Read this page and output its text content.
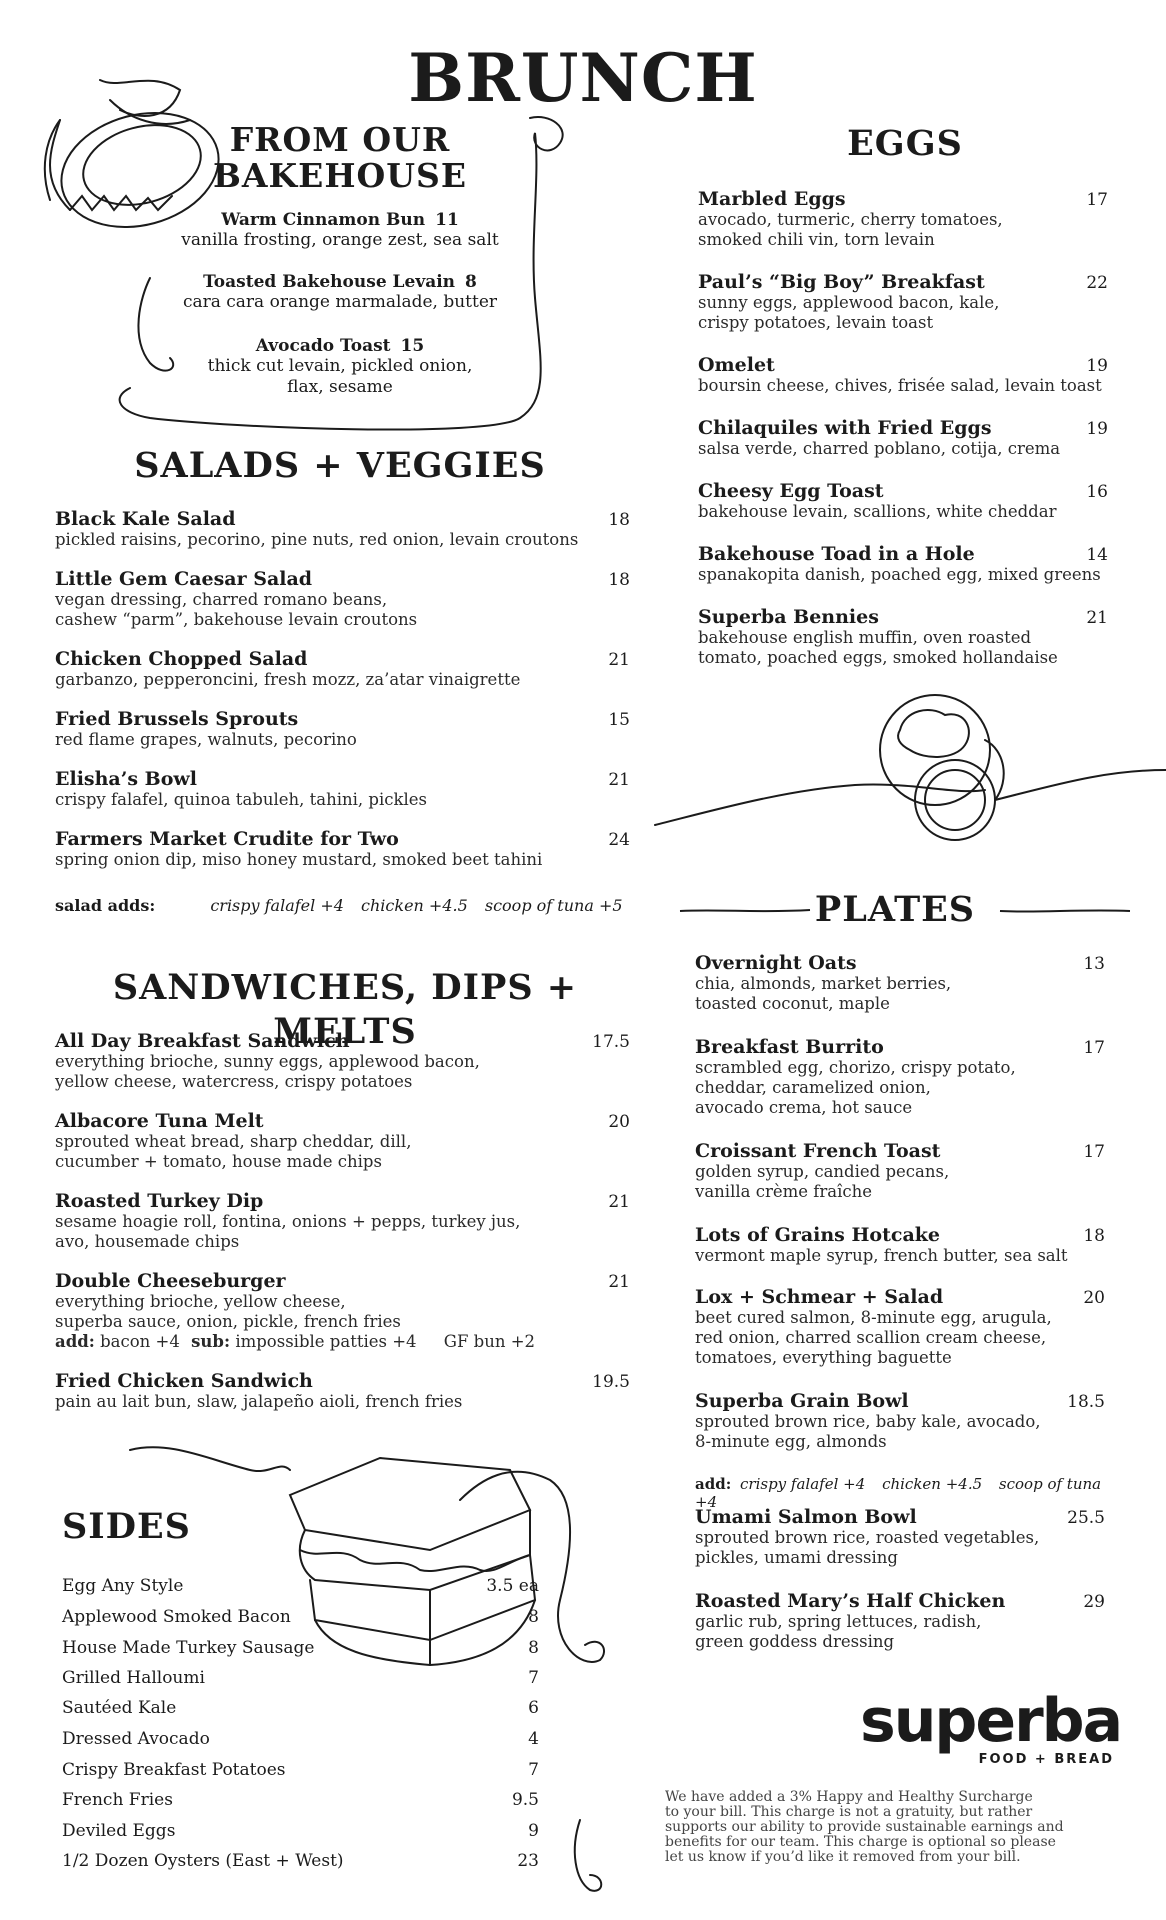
BRUNCH
FROM OUR
BAKEHOUSE
Warm Cinnamon Bun 11
vanilla frosting, orange zest, sea salt
Toasted Bakehouse Levain 8
cara cara orange marmalade, butter
Avocado Toast 15
thick cut levain, pickled onion,
flax, sesame
SALADS + VEGGIES
Black Kale Salad	18
pickled raisins, pecorino, pine nuts, red onion, levain croutons
Little Gem Caesar Salad	18
vegan dressing, charred romano beans,
cashew “parm”, bakehouse levain croutons
Chicken Chopped Salad	21
garbanzo, pepperoncini, fresh mozz, za’atar vinaigrette
Fried Brussels Sprouts	15
red flame grapes, walnuts, pecorino
Elisha’s Bowl	21
crispy falafel, quinoa tabuleh, tahini, pickles
Farmers Market Crudite for Two	24
spring onion dip, miso honey mustard, smoked beet tahini
salad adds:	crispy falafel +4 chicken +4.5 scoop of tuna +5
SANDWICHES, DIPS + MELTS
All Day Breakfast Sandwich	17.5
everything brioche, sunny eggs, applewood bacon,
yellow cheese, watercress, crispy potatoes
Albacore Tuna Melt	20
sprouted wheat bread, sharp cheddar, dill,
cucumber + tomato, house made chips
Roasted Turkey Dip	21
sesame hoagie roll, fontina, onions + pepps, turkey jus,
avo, housemade chips
Double Cheeseburger	21
everything brioche, yellow cheese,
superba sauce, onion, pickle, french fries
add: bacon +4 sub: impossible patties +4 GF bun +2
Fried Chicken Sandwich	19.5
pain au lait bun, slaw, jalapeño aioli, french fries
SIDES
Egg Any Style	3.5 ea
Applewood Smoked Bacon	8
House Made Turkey Sausage	8
Grilled Halloumi	7
Sautéed Kale	6
Dressed Avocado	4
Crispy Breakfast Potatoes	7
French Fries	9.5
Deviled Eggs	9
1/2 Dozen Oysters (East + West)	23
EGGS
Marbled Eggs	17
avocado, turmeric, cherry tomatoes,
smoked chili vin, torn levain
Paul’s “Big Boy” Breakfast	22
sunny eggs, applewood bacon, kale,
crispy potatoes, levain toast
Omelet	19
boursin cheese, chives, frisée salad, levain toast
Chilaquiles with Fried Eggs	19
salsa verde, charred poblano, cotija, crema
Cheesy Egg Toast	16
bakehouse levain, scallions, white cheddar
Bakehouse Toad in a Hole	14
spanakopita danish, poached egg, mixed greens
Superba Bennies	21
bakehouse english muffin, oven roasted
tomato, poached eggs, smoked hollandaise
PLATES
Overnight Oats	13
chia, almonds, market berries,
toasted coconut, maple
Breakfast Burrito	17
scrambled egg, chorizo, crispy potato,
cheddar, caramelized onion,
avocado crema, hot sauce
Croissant French Toast	17
golden syrup, candied pecans,
vanilla crème fraîche
Lots of Grains Hotcake	18
vermont maple syrup, french butter, sea salt
Lox + Schmear + Salad	20
beet cured salmon, 8-minute egg, arugula,
red onion, charred scallion cream cheese,
tomatoes, everything baguette
Superba Grain Bowl	18.5
sprouted brown rice, baby kale, avocado,
8-minute egg, almonds
add: crispy falafel +4 chicken +4.5 scoop of tuna +4
Umami Salmon Bowl	25.5
sprouted brown rice, roasted vegetables,
pickles, umami dressing
Roasted Mary’s Half Chicken	29
garlic rub, spring lettuces, radish,
green goddess dressing
superba
FOOD + BREAD
We have added a 3% Happy and Healthy Surcharge
to your bill. This charge is not a gratuity, but rather
supports our ability to provide sustainable earnings and
benefits for our team. This charge is optional so please
let us know if you’d like it removed from your bill.
